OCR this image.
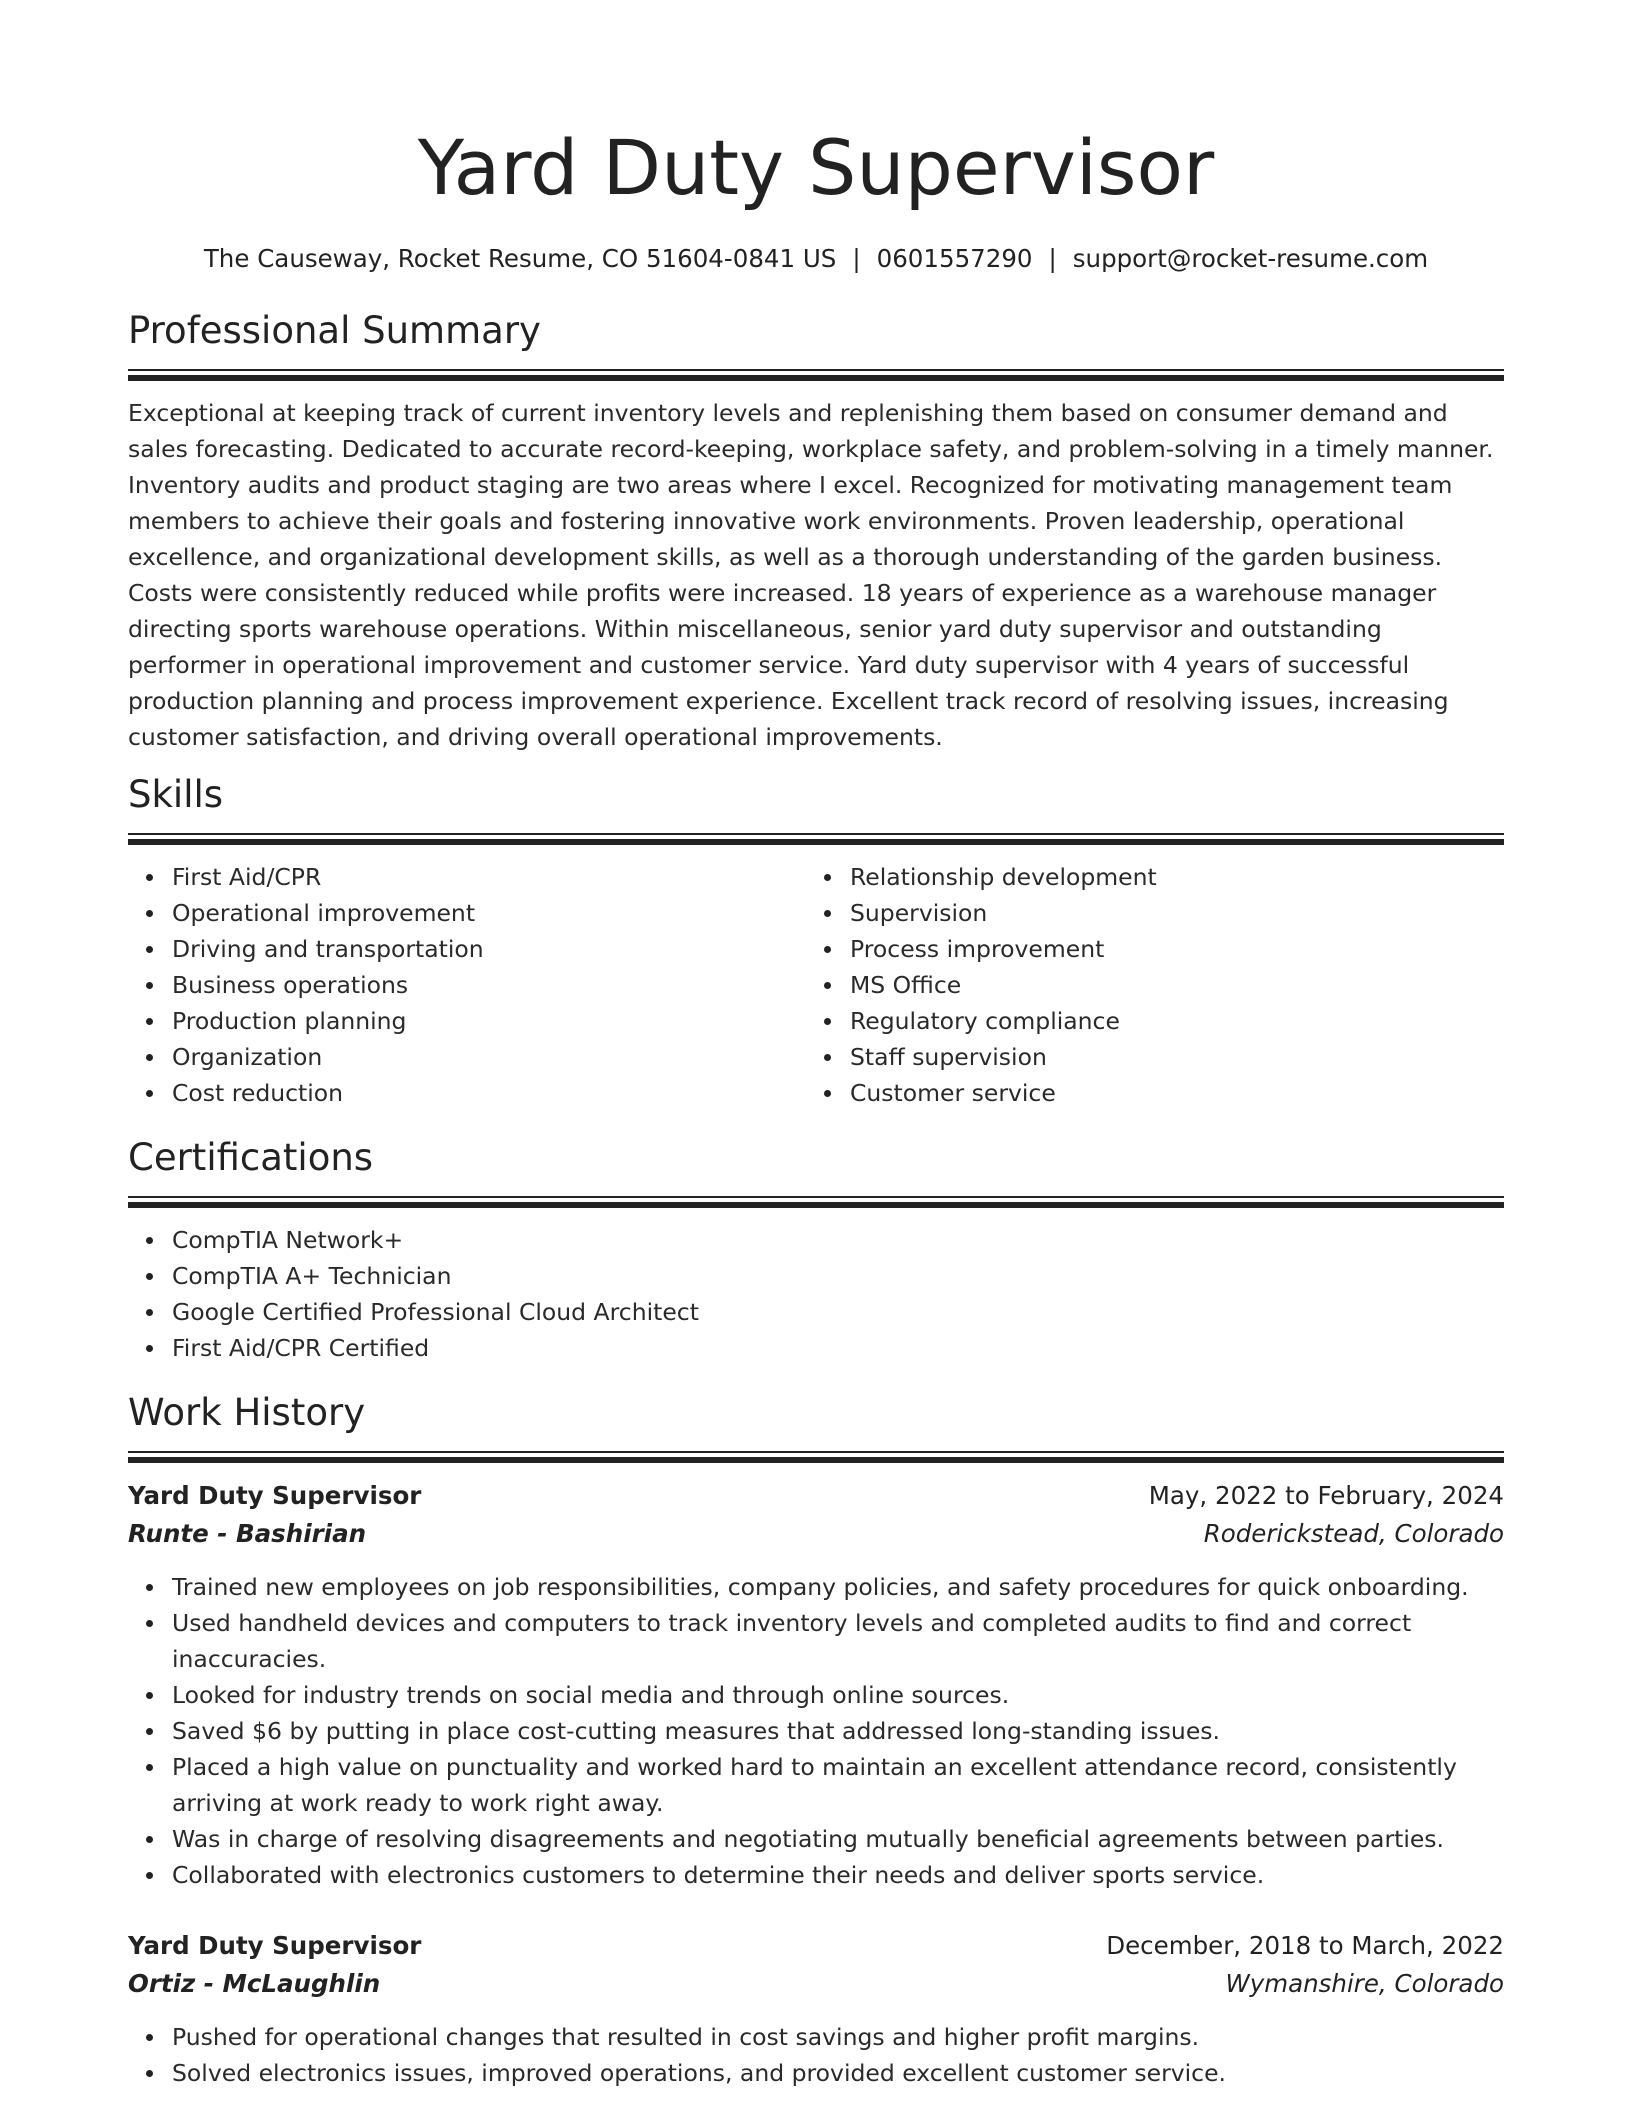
Yard Duty Supervisor
The Causeway, Rocket Resume, CO 51604-0841 US | 0601557290 | support@rocket-resume.com
Professional Summary

Exceptional at keeping track of current inventory levels and replenishing them based on consumer demand and sales forecasting. Dedicated to accurate record-keeping, workplace safety, and problem-solving in a timely manner. Inventory audits and product staging are two areas where I excel. Recognized for motivating management team members to achieve their goals and fostering innovative work environments. Proven leadership, operational excellence, and organizational development skills, as well as a thorough understanding of the garden business. Costs were consistently reduced while profits were increased. 18 years of experience as a warehouse manager directing sports warehouse operations. Within miscellaneous, senior yard duty supervisor and outstanding performer in operational improvement and customer service. Yard duty supervisor with 4 years of successful production planning and process improvement experience. Excellent track record of resolving issues, increasing customer satisfaction, and driving overall operational improvements.

Skills
First Aid/CPR
Operational improvement
Driving and transportation
Business operations
Production planning
Organization
Cost reduction
Relationship development
Supervision
Process improvement
MS Office
Regulatory compliance
Staff supervision
Customer service
Certifications
CompTIA Network+
CompTIA A+ Technician
Google Certified Professional Cloud Architect
First Aid/CPR Certified
Work History
Yard Duty Supervisor	May, 2022 to February, 2024
Runte - Bashirian	Roderickstead, Colorado
Trained new employees on job responsibilities, company policies, and safety procedures for quick onboarding.
Used handheld devices and computers to track inventory levels and completed audits to find and correct inaccuracies.
Looked for industry trends on social media and through online sources.
Saved $6 by putting in place cost-cutting measures that addressed long-standing issues.
Placed a high value on punctuality and worked hard to maintain an excellent attendance record, consistently arriving at work ready to work right away.
Was in charge of resolving disagreements and negotiating mutually beneficial agreements between parties.
Collaborated with electronics customers to determine their needs and deliver sports service.
Yard Duty Supervisor	December, 2018 to March, 2022
Ortiz - McLaughlin	Wymanshire, Colorado
Pushed for operational changes that resulted in cost savings and higher profit margins.
Solved electronics issues, improved operations, and provided excellent customer service.
